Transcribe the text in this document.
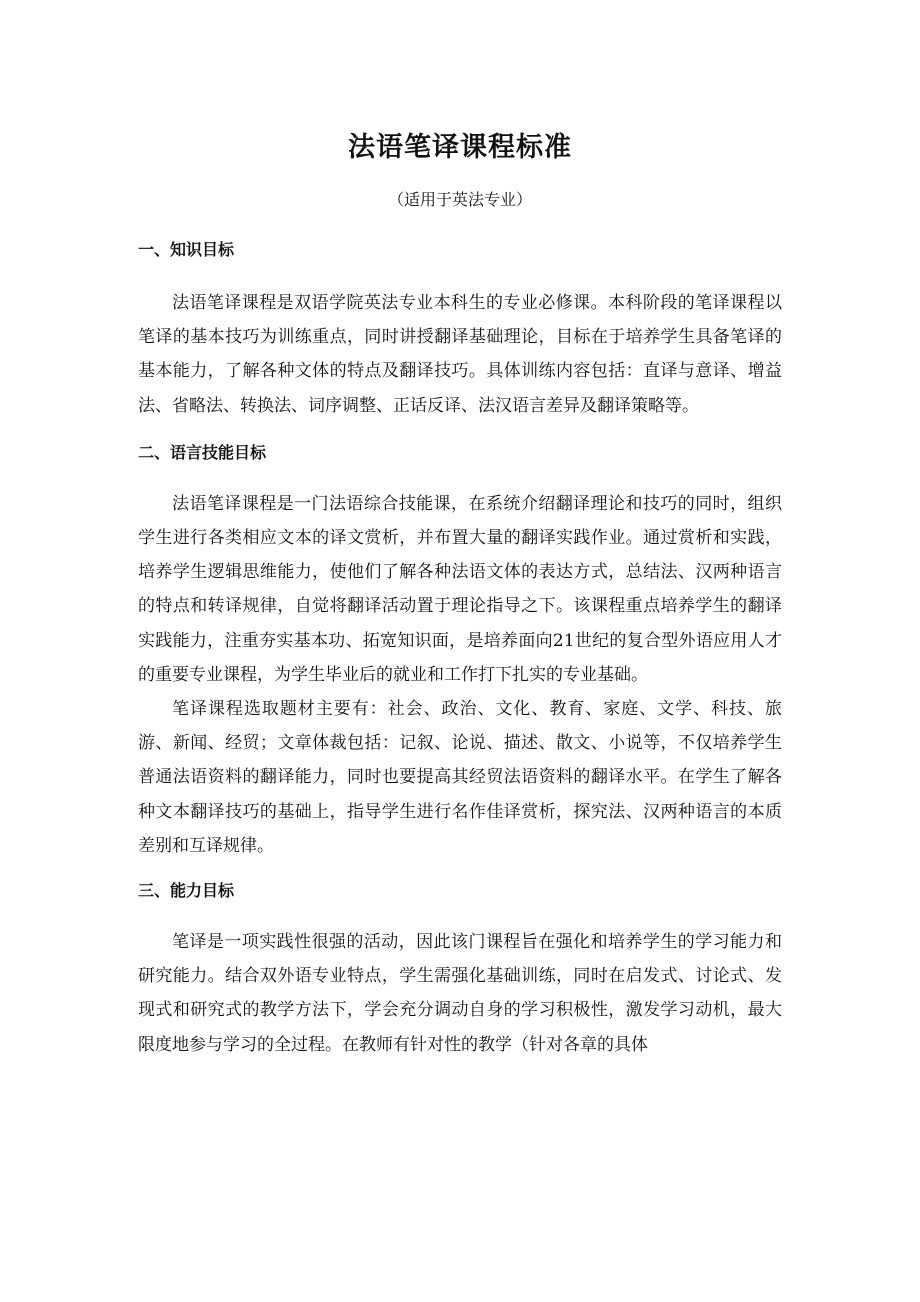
法语笔译课程标准
（适用于英法专业）
一、知识目标

法语笔译课程是双语学院英法专业本科生的专业必修课。本科阶段的笔译课程以笔译的基本技巧为训练重点，同时讲授翻译基础理论，目标在于培养学生具备笔译的基本能力，了解各种文体的特点及翻译技巧。具体训练内容包括：直译与意译、增益法、省略法、转换法、词序调整、正话反译、法汉语言差异及翻译策略等。

二、语言技能目标

法语笔译课程是一门法语综合技能课，在系统介绍翻译理论和技巧的同时，组织学生进行各类相应文本的译文赏析，并布置大量的翻译实践作业。通过赏析和实践，培养学生逻辑思维能力，使他们了解各种法语文体的表达方式，总结法、汉两种语言的特点和转译规律，自觉将翻译活动置于理论指导之下。该课程重点培养学生的翻译实践能力，注重夯实基本功、拓宽知识面，是培养面向21世纪的复合型外语应用人才的重要专业课程，为学生毕业后的就业和工作打下扎实的专业基础。

笔译课程选取题材主要有：社会、政治、文化、教育、家庭、文学、科技、旅游、新闻、经贸；文章体裁包括：记叙、论说、描述、散文、小说等，不仅培养学生普通法语资料的翻译能力，同时也要提高其经贸法语资料的翻译水平。在学生了解各种文本翻译技巧的基础上，指导学生进行名作佳译赏析，探究法、汉两种语言的本质差别和互译规律。

三、能力目标

笔译是一项实践性很强的活动，因此该门课程旨在强化和培养学生的学习能力和研究能力。结合双外语专业特点，学生需强化基础训练，同时在启发式、讨论式、发现式和研究式的教学方法下，学会充分调动自身的学习积极性，激发学习动机，最大限度地参与学习的全过程。在教师有针对性的教学（针对各章的具体
